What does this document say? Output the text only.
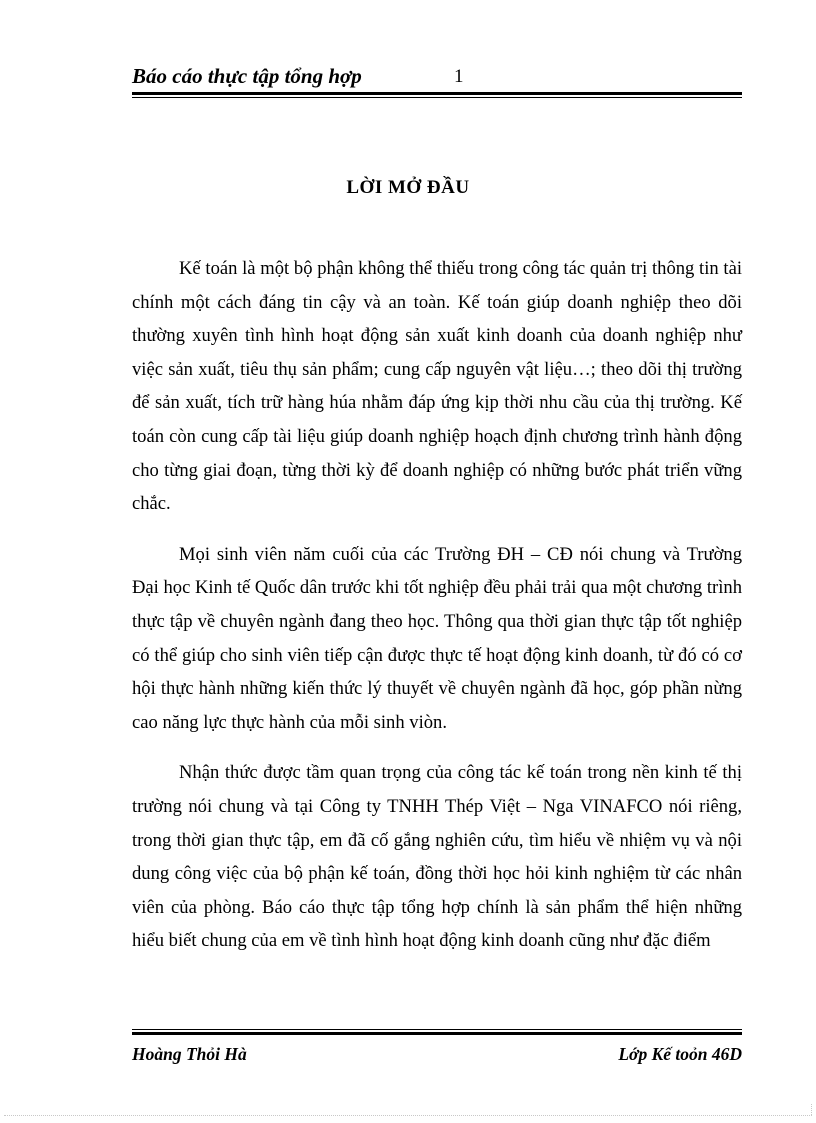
Báo cáo thực tập tổng hợp	1
LỜI MỞ ĐẦU

Kế toán là một bộ phận không thể thiếu trong công tác quản trị thông tin tài chính một cách đáng tin cậy và an toàn. Kế toán giúp doanh nghiệp theo dõi thường xuyên tình hình hoạt động sản xuất kinh doanh của doanh nghiệp như việc sản xuất, tiêu thụ sản phẩm; cung cấp nguyên vật liệu…; theo dõi thị trường để sản xuất, tích trữ hàng húa nhằm đáp ứng kịp thời nhu cầu của thị trường. Kế toán còn cung cấp tài liệu giúp doanh nghiệp hoạch định chương trình hành động cho từng giai đoạn, từng thời kỳ để doanh nghiệp có những bước phát triển vững chắc.

Mọi sinh viên năm cuối của các Trường ĐH – CĐ nói chung và Trường Đại học Kinh tế Quốc dân trước khi tốt nghiệp đều phải trải qua một chương trình thực tập về chuyên ngành đang theo học. Thông qua thời gian thực tập tốt nghiệp có thể giúp cho sinh viên tiếp cận được thực tế hoạt động kinh doanh, từ đó có cơ hội thực hành những kiến thức lý thuyết về chuyên ngành đã học, góp phần nừng cao năng lực thực hành của mỗi sinh viòn.

Nhận thức được tầm quan trọng của công tác kế toán trong nền kinh tế thị trường nói chung và tại Công ty TNHH Thép Việt – Nga VINAFCO nói riêng, trong thời gian thực tập, em đã cố gắng nghiên cứu, tìm hiểu về nhiệm vụ và nội dung công việc của bộ phận kế toán, đồng thời học hỏi kinh nghiệm từ các nhân viên của phòng. Báo cáo thực tập tổng hợp chính là sản phẩm thể hiện những hiểu biết chung của em về tình hình hoạt động kinh doanh cũng như đặc điểm

Hoàng Thỏi Hà	Lớp Kế toỏn 46D
